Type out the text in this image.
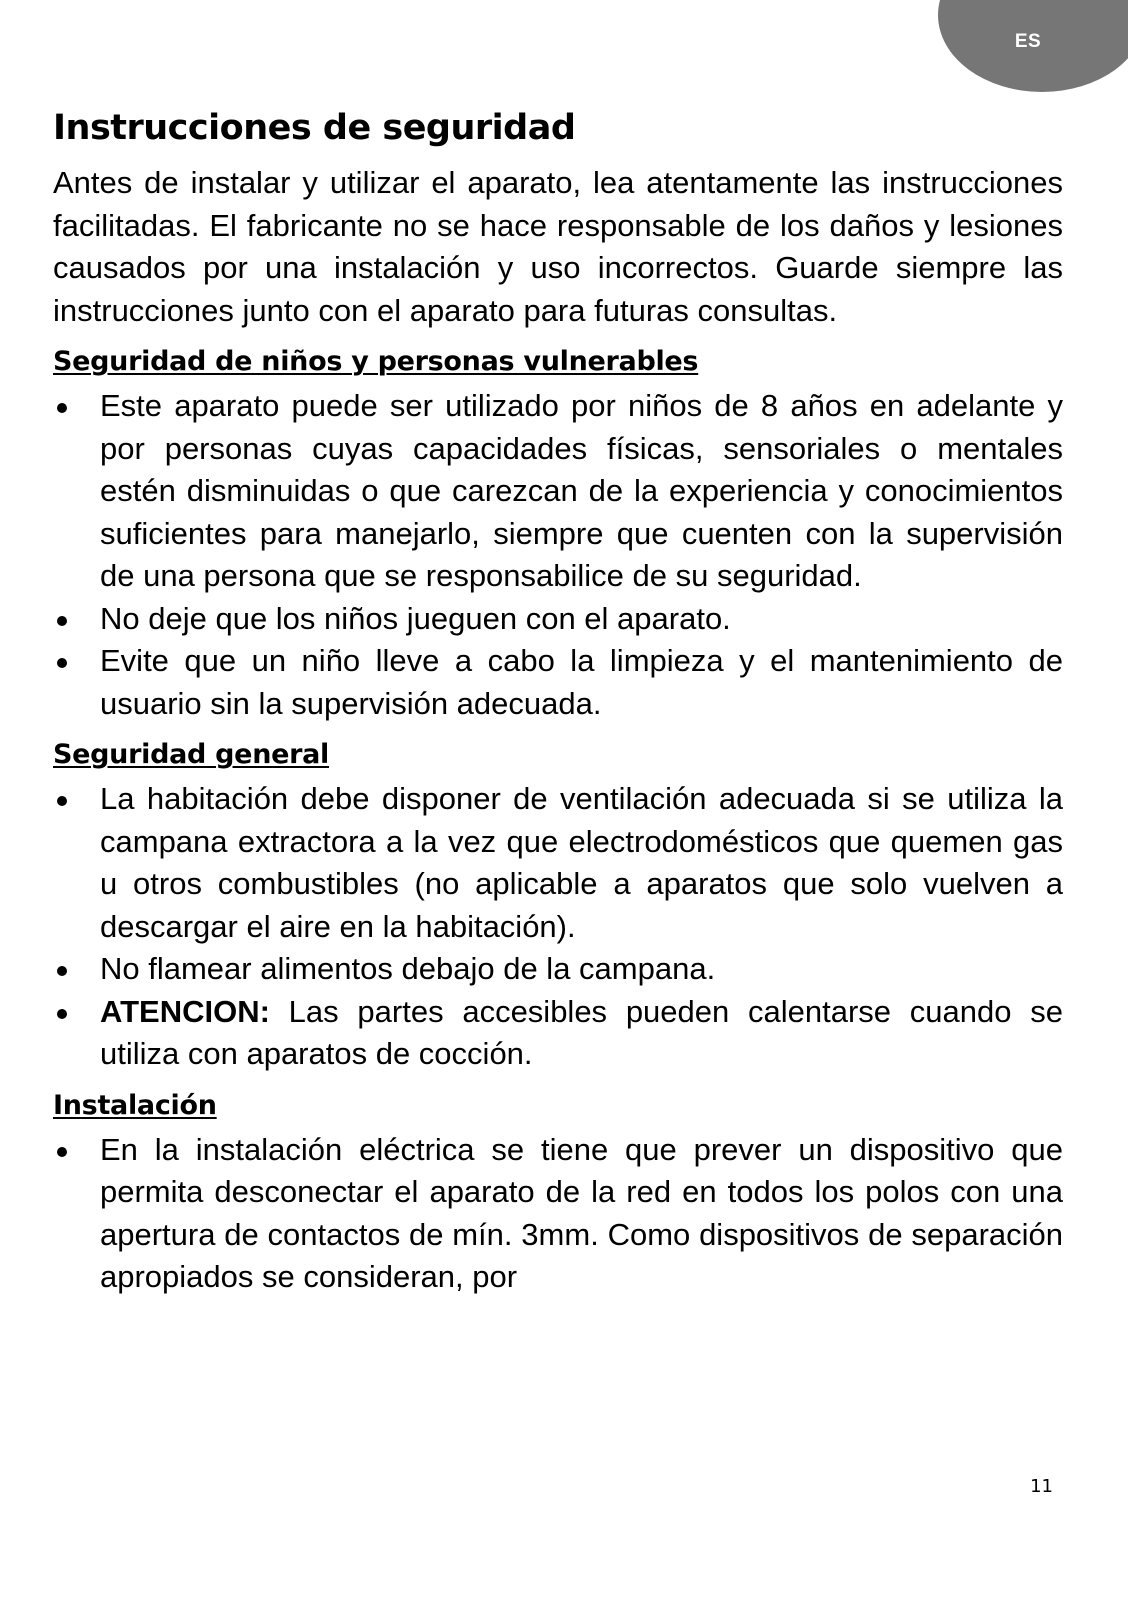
ES
Instrucciones de seguridad

Antes de instalar y utilizar el aparato, lea atentamente las instrucciones facilitadas. El fabricante no se hace responsable de los daños y lesiones causados por una instalación y uso incorrectos. Guarde siempre las instrucciones junto con el aparato para futuras consultas.

Seguridad de niños y personas vulnerables
Este aparato puede ser utilizado por niños de 8 años en adelante y por personas cuyas capacidades físicas, sensoriales o mentales estén disminuidas o que carezcan de la experiencia y conocimientos suficientes para manejarlo, siempre que cuenten con la supervisión de una persona que se responsabilice de su seguridad.
No deje que los niños jueguen con el aparato.
Evite que un niño lleve a cabo la limpieza y el mantenimiento de usuario sin la supervisión adecuada.
Seguridad general
La habitación debe disponer de ventilación adecuada si se utiliza la campana extractora a la vez que electrodomésticos que quemen gas u otros combustibles (no aplicable a aparatos que solo vuelven a descargar el aire en la habitación).
No flamear alimentos debajo de la campana.
ATENCION: Las partes accesibles pueden calentarse cuando se utiliza con aparatos de cocción.
Instalación
En la instalación eléctrica se tiene que prever un dispositivo que permita desconectar el aparato de la red en todos los polos con una apertura de contactos de mín. 3mm. Como dispositivos de separación apropiados se consideran, por
11
